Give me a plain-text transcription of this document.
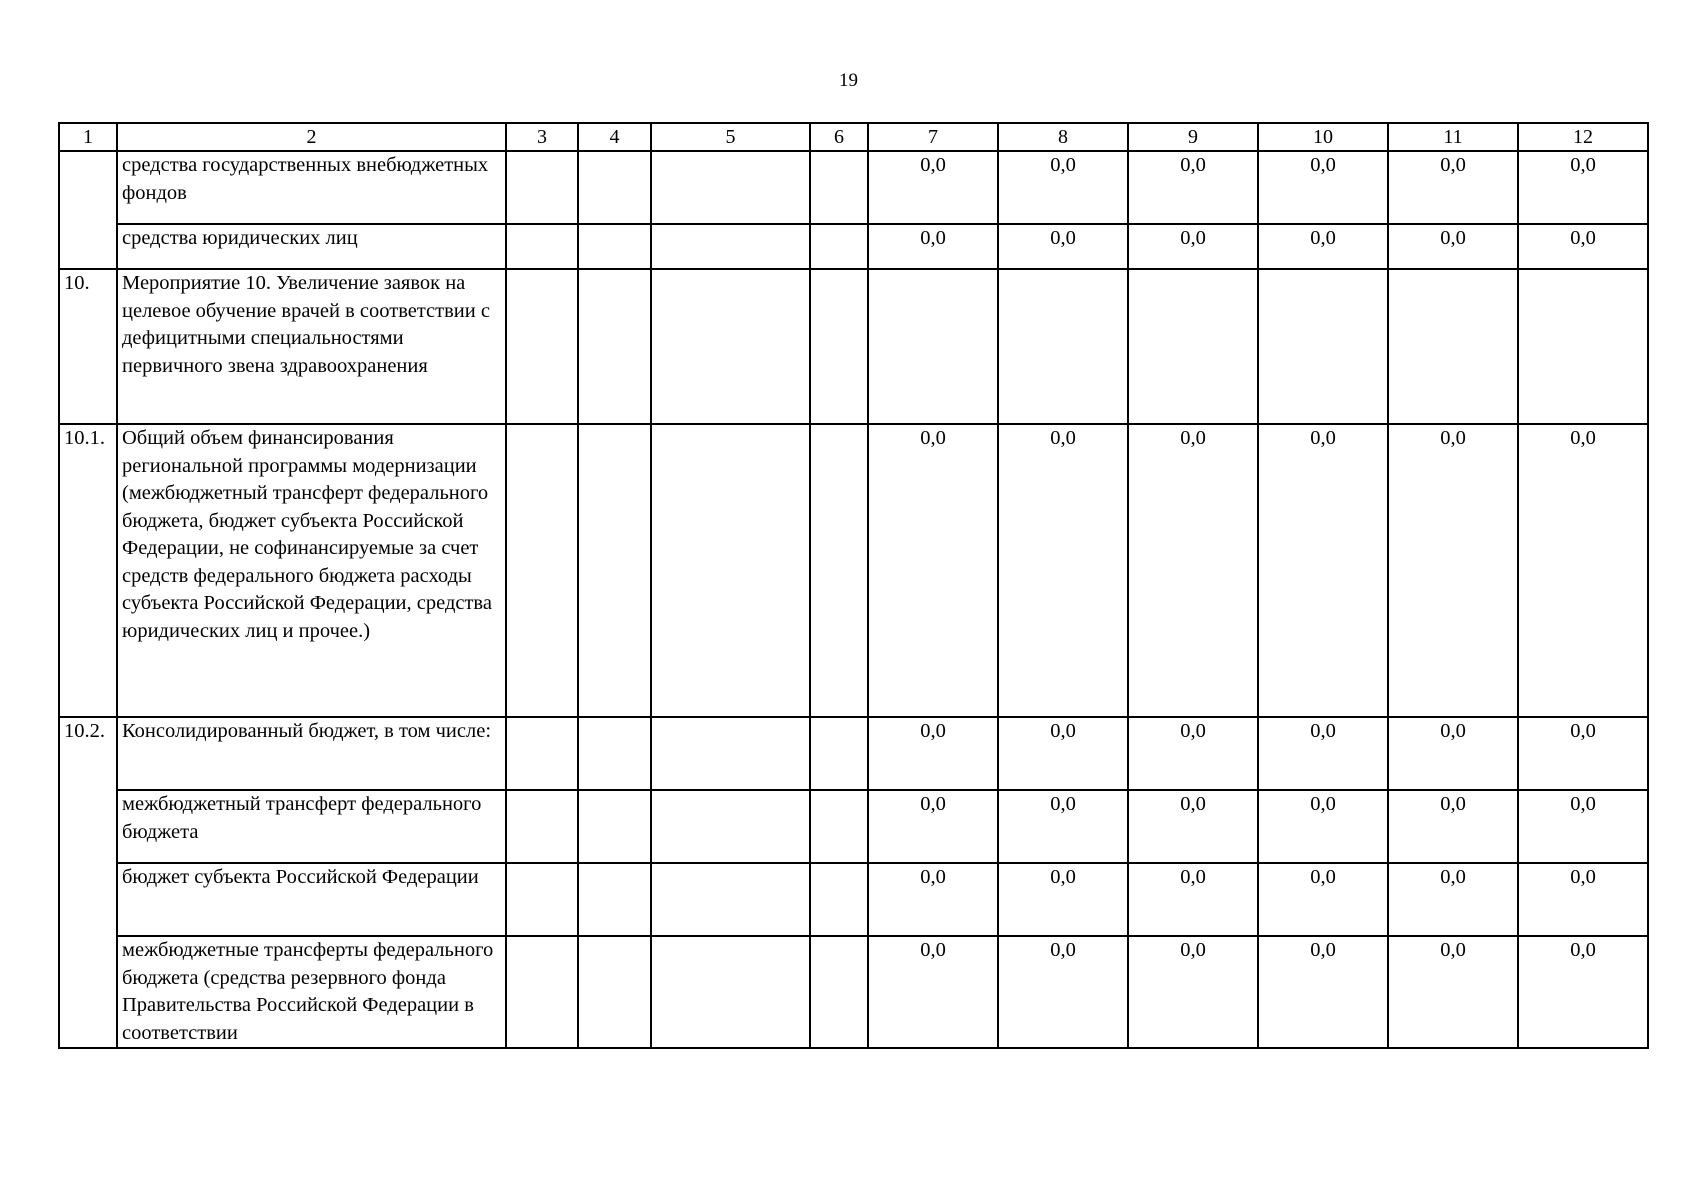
19
1	2	3	4	5	6	7	8	9	10	11	12
	средства государственных внебюджетных фондов					0,0	0,0	0,0	0,0	0,0	0,0
	средства юридических лиц					0,0	0,0	0,0	0,0	0,0	0,0
10.	Мероприятие 10. Увеличение заявок на целевое обучение врачей в соответствии с дефицитными специальностями первичного звена здравоохранения										
10.1.	Общий объем финансирования региональной программы модернизации (межбюджетный трансферт федерального бюджета, бюджет субъекта Российской Федерации, не софинансируемые за счет средств федерального бюджета расходы субъекта Российской Федерации, средства юридических лиц и прочее.)					0,0	0,0	0,0	0,0	0,0	0,0
10.2.	Консолидированный бюджет, в том числе:					0,0	0,0	0,0	0,0	0,0	0,0
	межбюджетный трансферт федерального бюджета					0,0	0,0	0,0	0,0	0,0	0,0
	бюджет субъекта Российской Федерации					0,0	0,0	0,0	0,0	0,0	0,0
	межбюджетные трансферты федерального бюджета (средства резервного фонда Правительства Российской Федерации в соответствии					0,0	0,0	0,0	0,0	0,0	0,0
